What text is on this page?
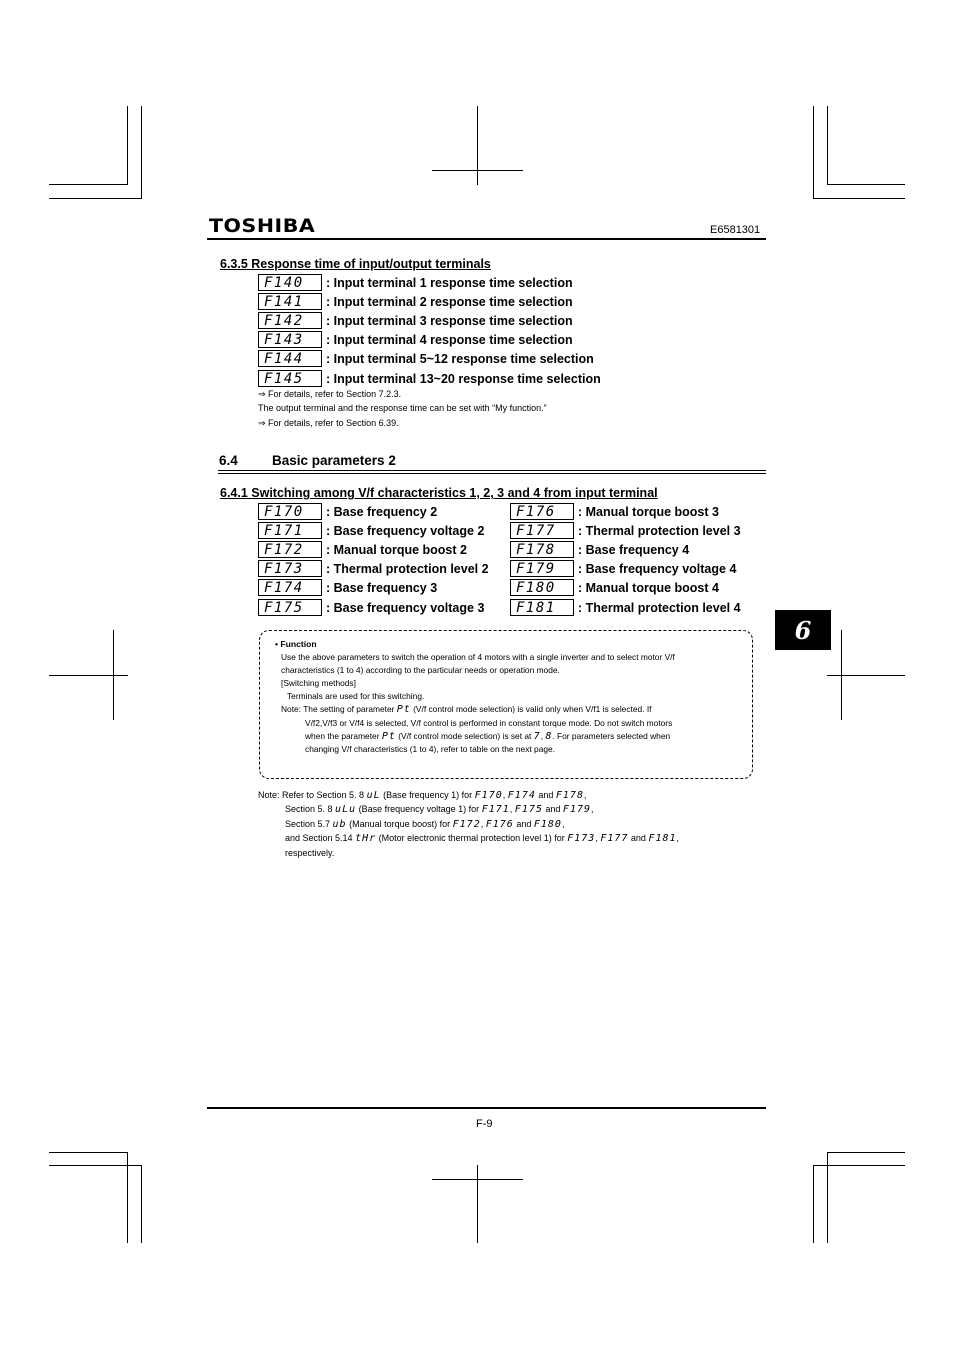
TOSHIBA	E6581301
6.3.5 Response time of input/output terminals
F140 : Input terminal 1 response time selection
F141 : Input terminal 2 response time selection
F142 : Input terminal 3 response time selection
F143 : Input terminal 4 response time selection
F144 : Input terminal 5~12 response time selection
F145 : Input terminal 13~20 response time selection
⇒ For details, refer to Section 7.2.3.
The output terminal and the response time can be set with “My function.”
⇒ For details, refer to Section 6.39.
6.4	Basic parameters 2
6.4.1 Switching among V/f characteristics 1, 2, 3 and 4 from input terminal
F170 : Base frequency 2
F171 : Base frequency voltage 2
F172 : Manual torque boost 2
F173 : Thermal protection level 2
F174 : Base frequency 3
F175 : Base frequency voltage 3
F176 : Manual torque boost 3
F177 : Thermal protection level 3
F178 : Base frequency 4
F179 : Base frequency voltage 4
F180 : Manual torque boost 4
F181 : Thermal protection level 4
• Function
Use the above parameters to switch the operation of 4 motors with a single inverter and to select motor V/f
characteristics (1 to 4) according to the particular needs or operation mode.
[Switching methods]
Terminals are used for this switching.
Note: The setting of parameter Pt (V/f control mode selection) is valid only when V/f1 is selected. If
V/f2,V/f3 or V/f4 is selected, V/f control is performed in constant torque mode. Do not switch motors
when the parameter Pt (V/f control mode selection) is set at 7, 8. For parameters selected when
changing V/f characteristics (1 to 4), refer to table on the next page.
Note: Refer to Section 5. 8 uL (Base frequency 1) for F170, F174 and F178,
Section 5. 8 uLu (Base frequency voltage 1) for F171, F175 and F179,
Section 5.7 ub (Manual torque boost) for F172, F176 and F180,
and Section 5.14 tHr (Motor electronic thermal protection level 1) for F173, F177 and F181,
respectively.
6
F-9
